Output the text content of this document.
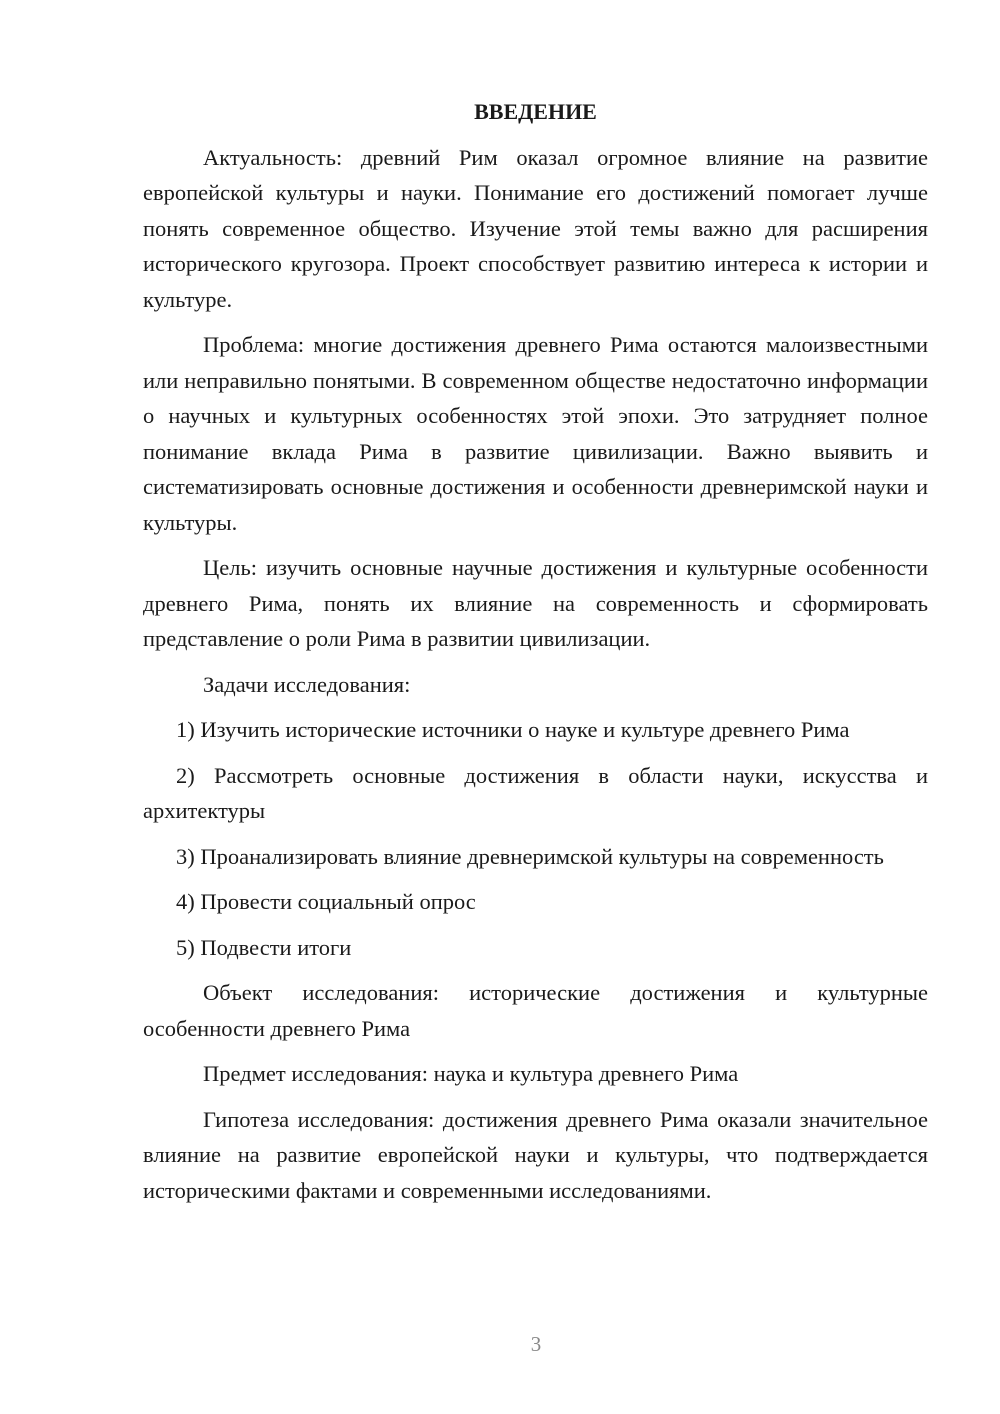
ВВЕДЕНИЕ

Актуальность: древний Рим оказал огромное влияние на развитие европейской культуры и науки. Понимание его достижений помогает лучше понять современное общество. Изучение этой темы важно для расширения исторического кругозора. Проект способствует развитию интереса к истории и культуре.

Проблема: многие достижения древнего Рима остаются малоизвестными или неправильно понятыми. В современном обществе недостаточно информации о научных и культурных особенностях этой эпохи. Это затрудняет полное понимание вклада Рима в развитие цивилизации. Важно выявить и систематизировать основные достижения и особенности древнеримской науки и культуры.

Цель: изучить основные научные достижения и культурные особенности древнего Рима, понять их влияние на современность и сформировать представление о роли Рима в развитии цивилизации.

Задачи исследования:

1) Изучить исторические источники о науке и культуре древнего Рима

2) Рассмотреть основные достижения в области науки, искусства и архитектуры

3) Проанализировать влияние древнеримской культуры на современность

4) Провести социальный опрос

5) Подвести итоги

Объект исследования: исторические достижения и культурные особенности древнего Рима

Предмет исследования: наука и культура древнего Рима

Гипотеза исследования: достижения древнего Рима оказали значительное влияние на развитие европейской науки и культуры, что подтверждается историческими фактами и современными исследованиями.

3
